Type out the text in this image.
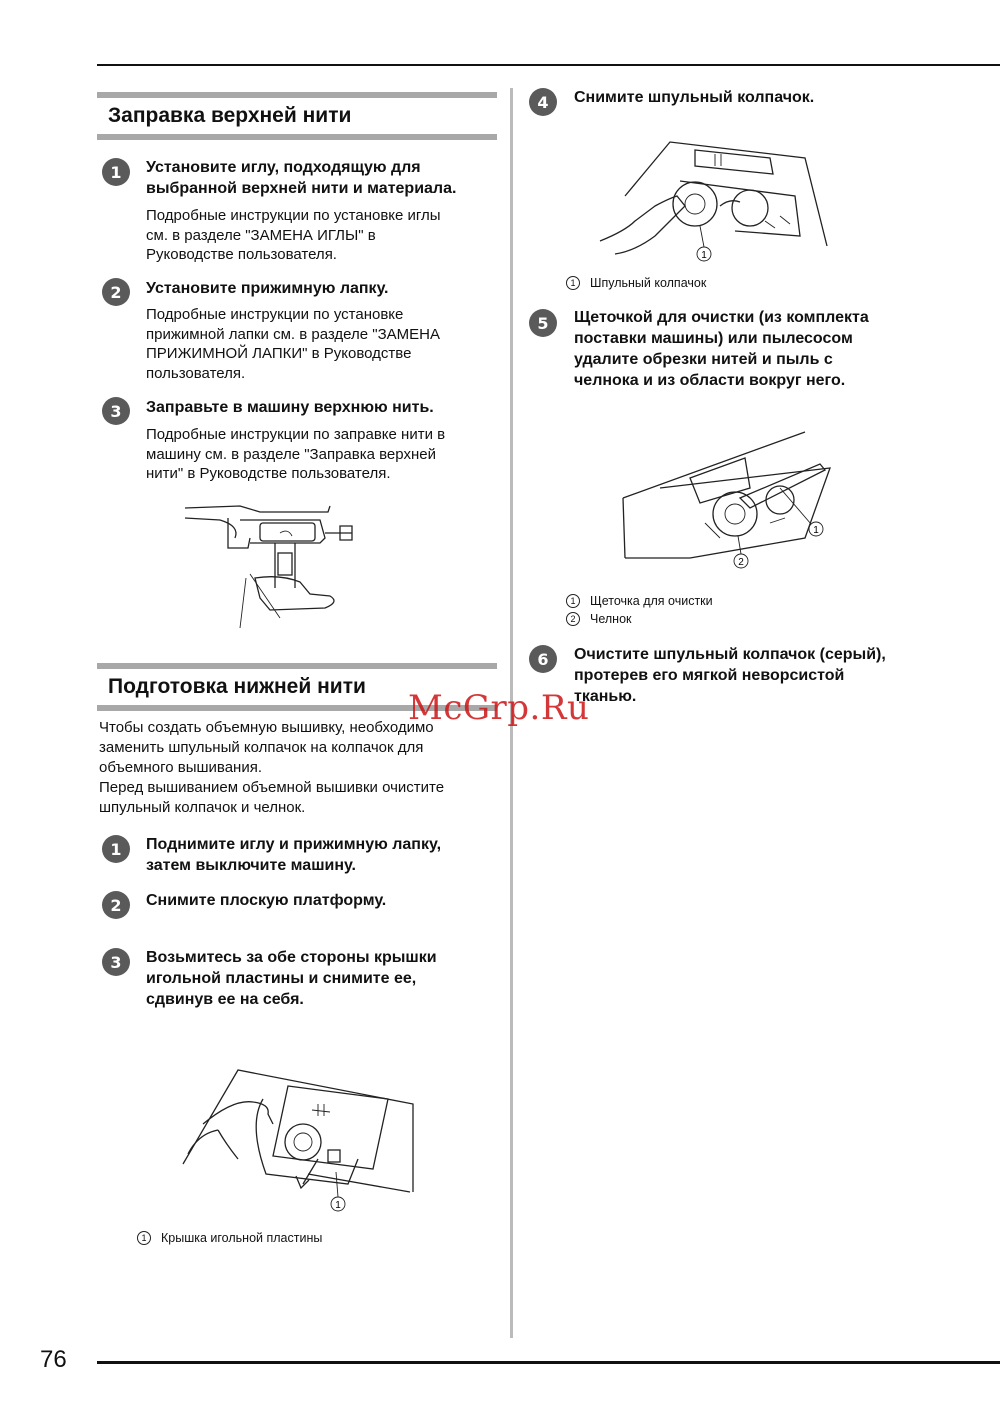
76
Заправка верхней нити
1	Установите иглу, подходящую для
выбранной верхней нити и материала.
Подробные инструкции по установке иглы
см. в разделе "ЗАМЕНА ИГЛЫ" в
Руководстве пользователя.
2	Установите прижимную лапку.
Подробные инструкции по установке
прижимной лапки см. в разделе "ЗАМЕНА
ПРИЖИМНОЙ ЛАПКИ" в Руководстве
пользователя.
3	Заправьте в машину верхнюю нить.
Подробные инструкции по заправке нити в
машину см. в разделе "Заправка верхней
нити" в Руководстве пользователя.
Подготовка нижней нити
Чтобы создать объемную вышивку, необходимо
заменить шпульный колпачок на колпачок для
объемного вышивания.
Перед вышиванием объемной вышивки очистите
шпульный колпачок и челнок.
1	Поднимите иглу и прижимную лапку,
затем выключите машину.
2	Снимите плоскую платформу.
3	Возьмитесь за обе стороны крышки
игольной пластины и снимите ее,
сдвинув ее на себя.
1
1	Крышка игольной пластины
4	Снимите шпульный колпачок.
1
1	Шпульный колпачок
5	Щеточкой для очистки (из комплекта
поставки машины) или пылесосом
удалите обрезки нитей и пыль с
челнока и из области вокруг него.
1
2
1	Щеточка для очистки
2	Челнок
6	Очистите шпульный колпачок (серый),
протерев его мягкой неворсистой
тканью.
McGrp.Ru
